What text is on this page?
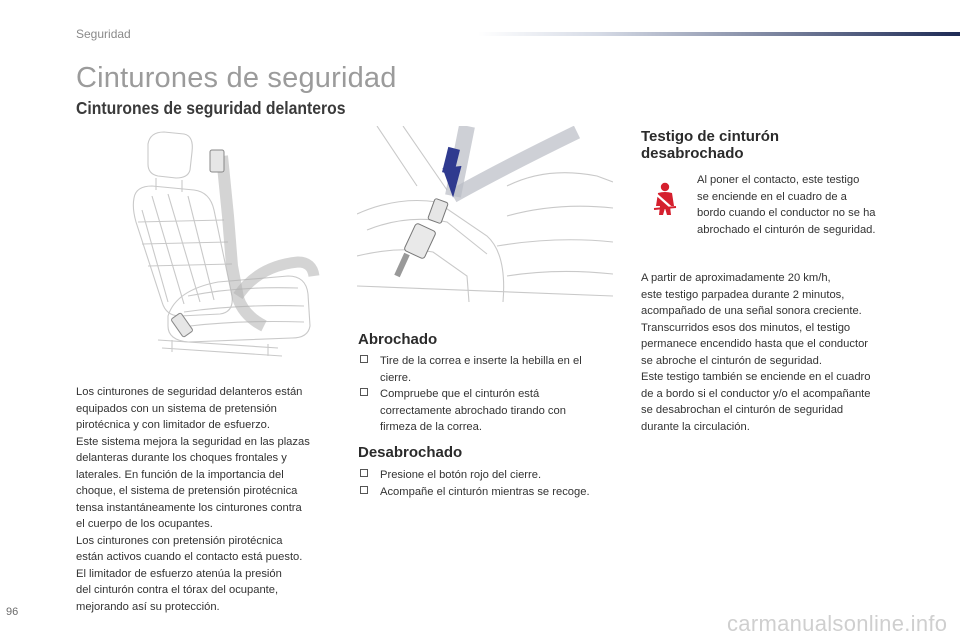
Seguridad
Cinturones de seguridad
Cinturones de seguridad delanteros
Los cinturones de seguridad delanteros están
equipados con un sistema de pretensión
pirotécnica y con limitador de esfuerzo.
Este sistema mejora la seguridad en las plazas
delanteras durante los choques frontales y
laterales. En función de la importancia del
choque, el sistema de pretensión pirotécnica
tensa instantáneamente los cinturones contra
el cuerpo de los ocupantes.
Los cinturones con pretensión pirotécnica
están activos cuando el contacto está puesto.
El limitador de esfuerzo atenúa la presión
del cinturón contra el tórax del ocupante,
mejorando así su protección.
Abrochado
Tire de la correa e inserte la hebilla en el
cierre.
Compruebe que el cinturón está
correctamente abrochado tirando con
firmeza de la correa.
Desabrochado
Presione el botón rojo del cierre.
Acompañe el cinturón mientras se recoge.
Testigo de cinturón
desabrochado
Al poner el contacto, este testigo
se enciende en el cuadro de a
bordo cuando el conductor no se ha
abrochado el cinturón de seguridad.
A partir de aproximadamente 20 km/h,
este testigo parpadea durante 2 minutos,
acompañado de una señal sonora creciente.
Transcurridos esos dos minutos, el testigo
permanece encendido hasta que el conductor
se abroche el cinturón de seguridad.
Este testigo también se enciende en el cuadro
de a bordo si el conductor y/o el acompañante
se desabrochan el cinturón de seguridad
durante la circulación.
96	carmanualsonline.info
